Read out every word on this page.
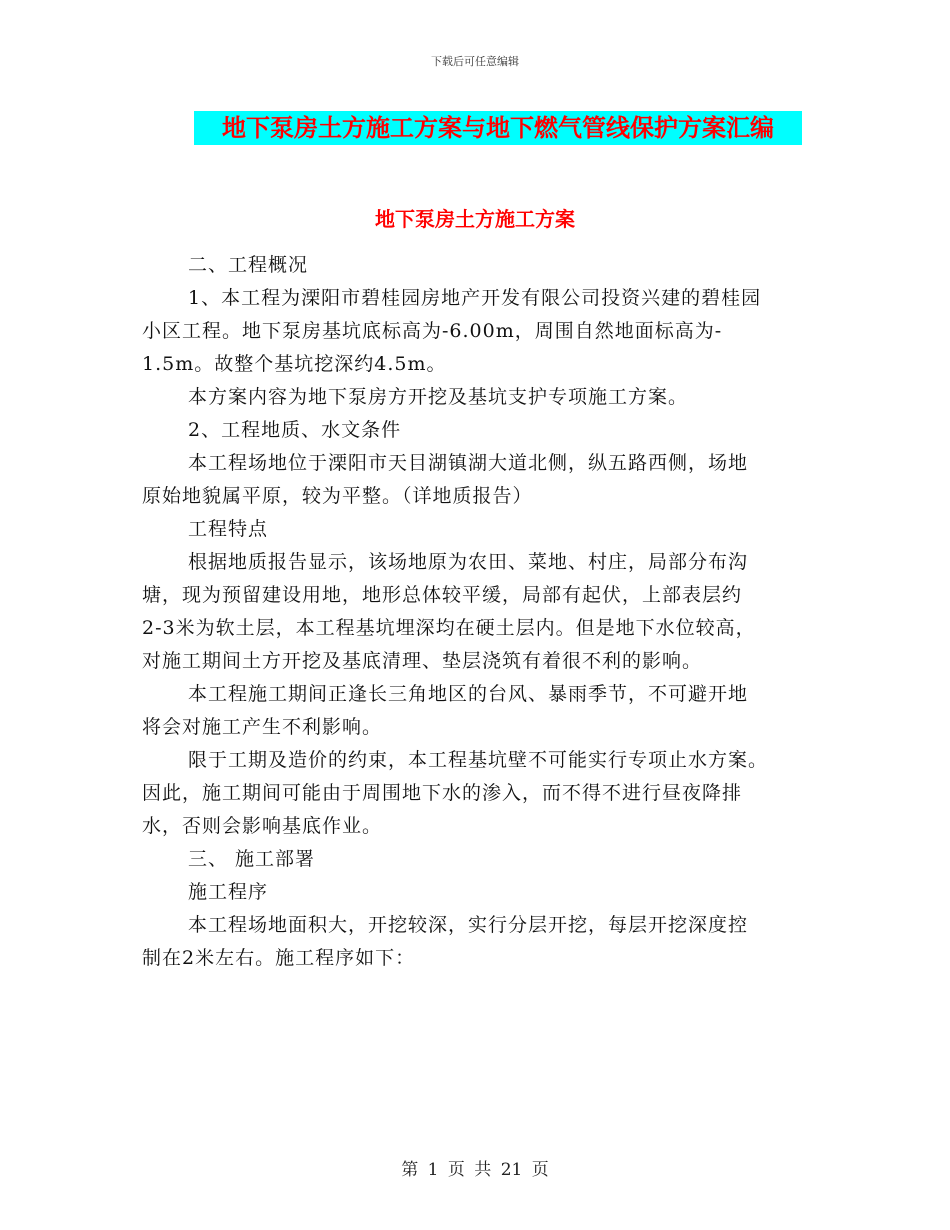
下载后可任意编辑
地下泵房土方施工方案与地下燃气管线保护方案汇编
地下泵房土方施工方案
二、工程概况
1、本工程为溧阳市碧桂园房地产开发有限公司投资兴建的碧桂园
小区工程。地下泵房基坑底标高为-6.00m，周围自然地面标高为-
1.5m。故整个基坑挖深约4.5m。
本方案内容为地下泵房方开挖及基坑支护专项施工方案。
2、工程地质、水文条件
本工程场地位于溧阳市天目湖镇湖大道北侧，纵五路西侧，场地
原始地貌属平原，较为平整。（详地质报告）
工程特点
根据地质报告显示，该场地原为农田、菜地、村庄，局部分布沟
塘，现为预留建设用地，地形总体较平缓，局部有起伏，上部表层约
2-3米为软土层，本工程基坑埋深均在硬土层内。但是地下水位较高，
对施工期间土方开挖及基底清理、垫层浇筑有着很不利的影响。
本工程施工期间正逢长三角地区的台风、暴雨季节，不可避开地
将会对施工产生不利影响。
限于工期及造价的约束，本工程基坑壁不可能实行专项止水方案。
因此，施工期间可能由于周围地下水的渗入，而不得不进行昼夜降排
水，否则会影响基底作业。
三、 施工部署
施工程序
本工程场地面积大，开挖较深，实行分层开挖，每层开挖深度控
制在2米左右。施工程序如下：
第 1 页 共 21 页
